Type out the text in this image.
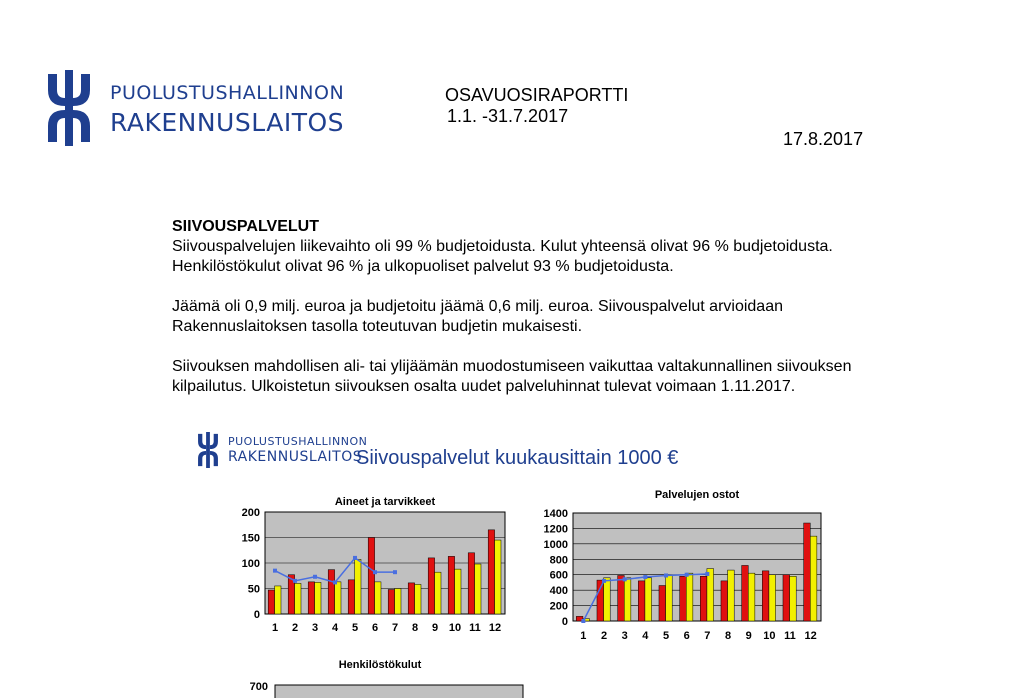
PUOLUSTUSHALLINNON
RAKENNUSLAITOS
OSAVUOSIRAPORTTI
1.1. -31.7.2017
17.8.2017

SIIVOUSPALVELUT

Siivouspalvelujen liikevaihto oli 99 % budjetoidusta. Kulut yhteensä olivat 96 % budjetoidusta.

Henkilöstökulut olivat 96 % ja ulkopuoliset palvelut 93 % budjetoidusta.

Jäämä oli 0,9 milj. euroa ja budjetoitu jäämä 0,6 milj. euroa. Siivouspalvelut arvioidaan

Rakennuslaitoksen tasolla toteutuvan budjetin mukaisesti.

Siivouksen mahdollisen ali- tai ylijäämän muodostumiseen vaikuttaa valtakunnallinen siivouksen

kilpailutus. Ulkoistetun siivouksen osalta uudet palveluhinnat tulevat voimaan 1.11.2017.

PUOLUSTUSHALLINNON
RAKENNUSLAITOS
Siivouspalvelut kuukausittain 1000 €
Aineet ja tarvikkeet
0
50
100
150
200
1 2 3 4 5 6 7 8 9 10 11 12
Palvelujen ostot
0
200
400
600
800
1000
1200
1400
1 2 3 4 5 6 7 8 9 10 11 12
Henkilöstökulut
700
